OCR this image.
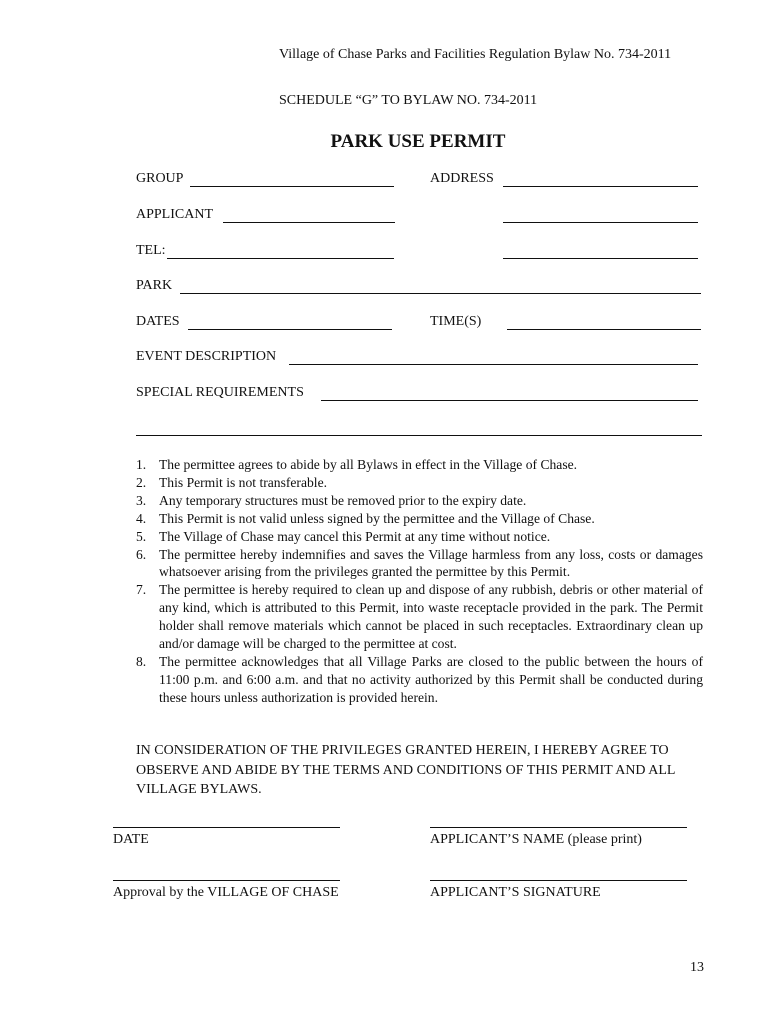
Village of Chase Parks and Facilities Regulation Bylaw No. 734-2011
SCHEDULE “G” TO BYLAW NO. 734-2011
PARK USE PERMIT
GROUP	ADDRESS
APPLICANT
TEL:
PARK
DATES	TIME(S)
EVENT DESCRIPTION
SPECIAL REQUIREMENTS
1. The permittee agrees to abide by all Bylaws in effect in the Village of Chase.
2. This Permit is not transferable.
3. Any temporary structures must be removed prior to the expiry date.
4. This Permit is not valid unless signed by the permittee and the Village of Chase.
5. The Village of Chase may cancel this Permit at any time without notice.
6. The permittee hereby indemnifies and saves the Village harmless from any loss, costs or damages whatsoever arising from the privileges granted the permittee by this Permit.
7. The permittee is hereby required to clean up and dispose of any rubbish, debris or other material of any kind, which is attributed to this Permit, into waste receptacle provided in the park. The Permit holder shall remove materials which cannot be placed in such receptacles. Extraordinary clean up and/or damage will be charged to the permittee at cost.
8. The permittee acknowledges that all Village Parks are closed to the public between the hours of 11:00 p.m. and 6:00 a.m. and that no activity authorized by this Permit shall be conducted during these hours unless authorization is provided herein.
IN CONSIDERATION OF THE PRIVILEGES GRANTED HEREIN, I HEREBY AGREE TO OBSERVE AND ABIDE BY THE TERMS AND CONDITIONS OF THIS PERMIT AND ALL VILLAGE BYLAWS.
DATE	APPLICANT’S NAME (please print)
Approval by the VILLAGE OF CHASE	APPLICANT’S SIGNATURE
13
